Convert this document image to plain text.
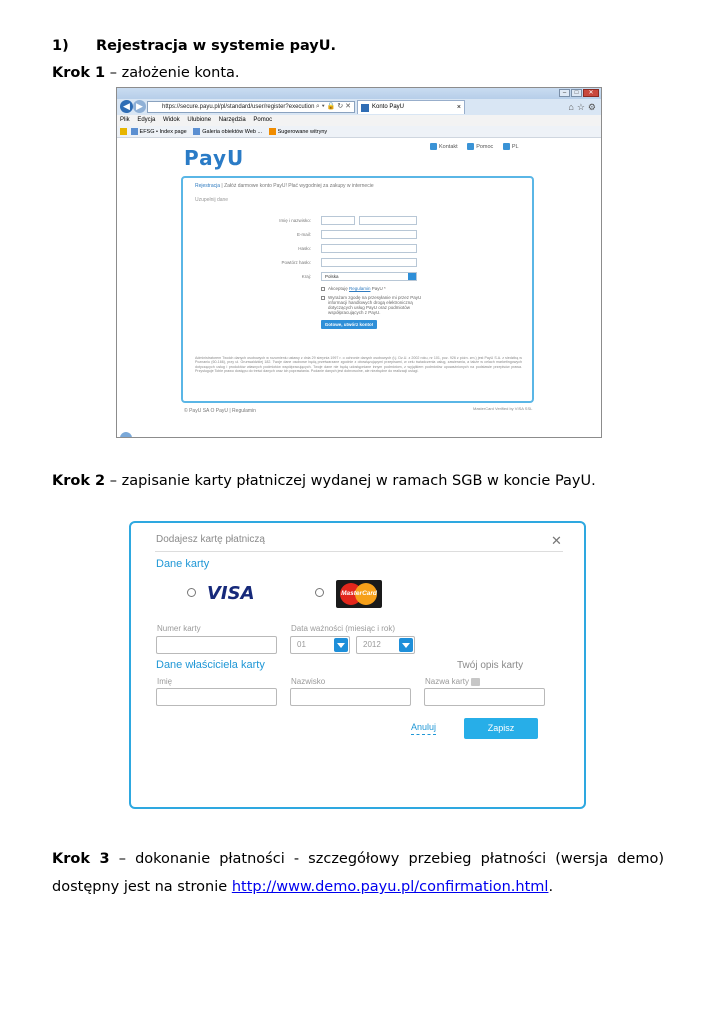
1) Rejestracja w systemie payU.
Krok 1 – założenie konta.
–	□	✕
◀ ▶	https://secure.payu.pl/pl/standard/user/register?execution ⌕ ▾ 🔒 ↻ ✕	Konto PayU	×	⌂☆⚙
Plik Edycja Widok Ulubione Narzędzia Pomoc
EFSG • Index page	Galeria obiektów Web ...	Sugerowane witryny
PayU	Kontakt	Pomoc	PL
Rejestracja | Załóż darmowe konto PayU! Płać wygodniej za zakupy w internecie
Uzupełnij dane
Imię i nazwisko:
E-mail:
Hasło:
Powtórz hasło:
Kraj:	Polska
Akceptuję Regulamin PayU *
Wyrażam zgodę na przesyłanie mi przez PayU informacji handlowych drogą elektroniczną dotyczących usług PayU oraz podmiotów współpracujących z PayU.
Gotowe, utwórz konto!
Administratorem Twoich danych osobowych w rozumieniu ustawy z dnia 29 sierpnia 1997 r. o ochronie danych osobowych (t.j. Dz.U. z 2002 roku, nr 101, poz. 926 z późn. zm.) jest PayU S.A. z siedzibą w Poznaniu (60-166), przy ul. Grunwaldzkiej 182. Twoje dane osobowe będą przetwarzane zgodnie z obowiązującymi przepisami, w celu świadczenia usług, zawierania, a także w celach marketingowych dotyczących usług i produktów własnych podmiotów współpracujących. Twoje dane nie będą udostępniane innym podmiotom, z wyjątkiem podmiotów upoważnionych na podstawie przepisów prawa. Przysługuje Tobie prawo dostępu do treści danych oraz ich poprawiania. Podanie danych jest dobrowolne, ale niezbędne do realizacji usługi.
© PayU SA O PayU | Regulamin	MasterCard Verified by VISA SSL
Krok 2 – zapisanie karty płatniczej wydanej w ramach SGB w koncie PayU.
Dodajesz kartę płatniczą	✕
Dane karty
VISA	MasterCard
Numer karty	Data ważności (miesiąc i rok)
01	2012
Dane właściciela karty	Twój opis karty
Imię	Nazwisko	Nazwa karty
Anuluj	Zapisz
Krok 3 – dokonanie płatności - szczegółowy przebieg płatności (wersja demo) dostępny jest na stronie http://www.demo.payu.pl/confirmation.html.
